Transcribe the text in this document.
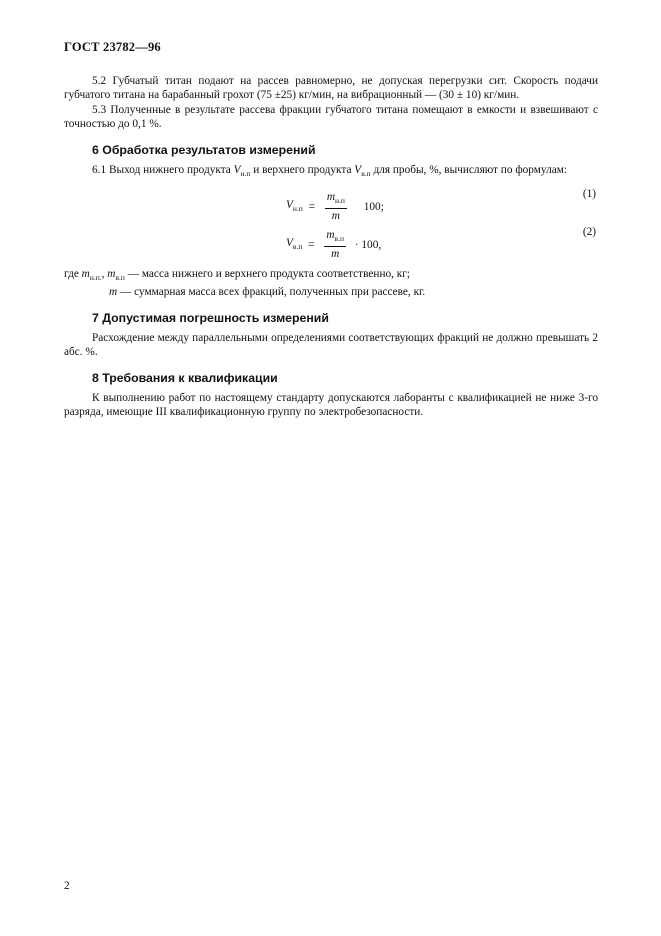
ГОСТ 23782—96

5.2 Губчатый титан подают на рассев равномерно, не допуская перегрузки сит. Скорость подачи губчатого титана на барабанный грохот (75 ±25) кг/мин, на вибрационный — (30 ± 10) кг/мин.

5.3 Полученные в результате рассева фракции губчатого титана помещают в емкости и взвешивают с точностью до 0,1 %.

6 Обработка результатов измерений

6.1 Выход нижнего продукта $V_{н.п}$ и верхнего продукта $V_{в.п}$ для пробы, %, вычисляют по формулам:

$V_{н.п} = \frac{m_{н.п}}{m} 100$;
(1)
$V_{в.п} = \frac{m_{в.п}}{m} \cdot 100$,
(2)
где $m_{н.п.}$, $m_{в.п}$ — масса нижнего и верхнего продукта соответственно, кг;
m — суммарная масса всех фракций, полученных при рассеве, кг.
7 Допустимая погрешность измерений

Расхождение между параллельными определениями соответствующих фракций не должно превышать 2 абс. %.

8 Требования к квалификации

К выполнению работ по настоящему стандарту допускаются лаборанты с квалификацией не ниже 3-го разряда, имеющие III квалификационную группу по электробезопасности.

2
